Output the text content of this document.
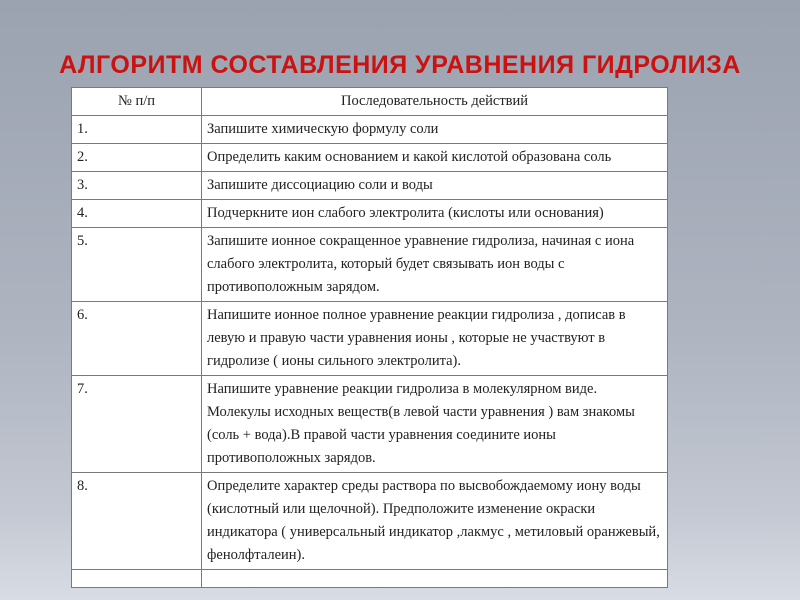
АЛГОРИТМ СОСТАВЛЕНИЯ УРАВНЕНИЯ ГИДРОЛИЗА
№ п/п	Последовательность действий
1.	Запишите химическую формулу соли
2.	Определить каким основанием и какой кислотой образована соль
3.	Запишите диссоциацию соли и воды
4.	Подчеркните ион слабого электролита (кислоты или основания)
5.	Запишите ионное сокращенное уравнение гидролиза, начиная с иона слабого электролита, который будет связывать ион воды с противоположным зарядом.
6.	Напишите ионное полное уравнение реакции гидролиза , дописав в левую и правую части уравнения ионы , которые не участвуют в гидролизе ( ионы сильного электролита).
7.	Напишите уравнение реакции гидролиза в молекулярном виде. Молекулы исходных веществ(в левой части уравнения ) вам знакомы (соль + вода).В правой части уравнения соедините ионы противоположных зарядов.
8.	Определите характер среды раствора по высвобождаемому иону воды (кислотный или щелочной). Предположите изменение окраски индикатора ( универсальный индикатор ,лакмус , метиловый оранжевый, фенолфталеин).
